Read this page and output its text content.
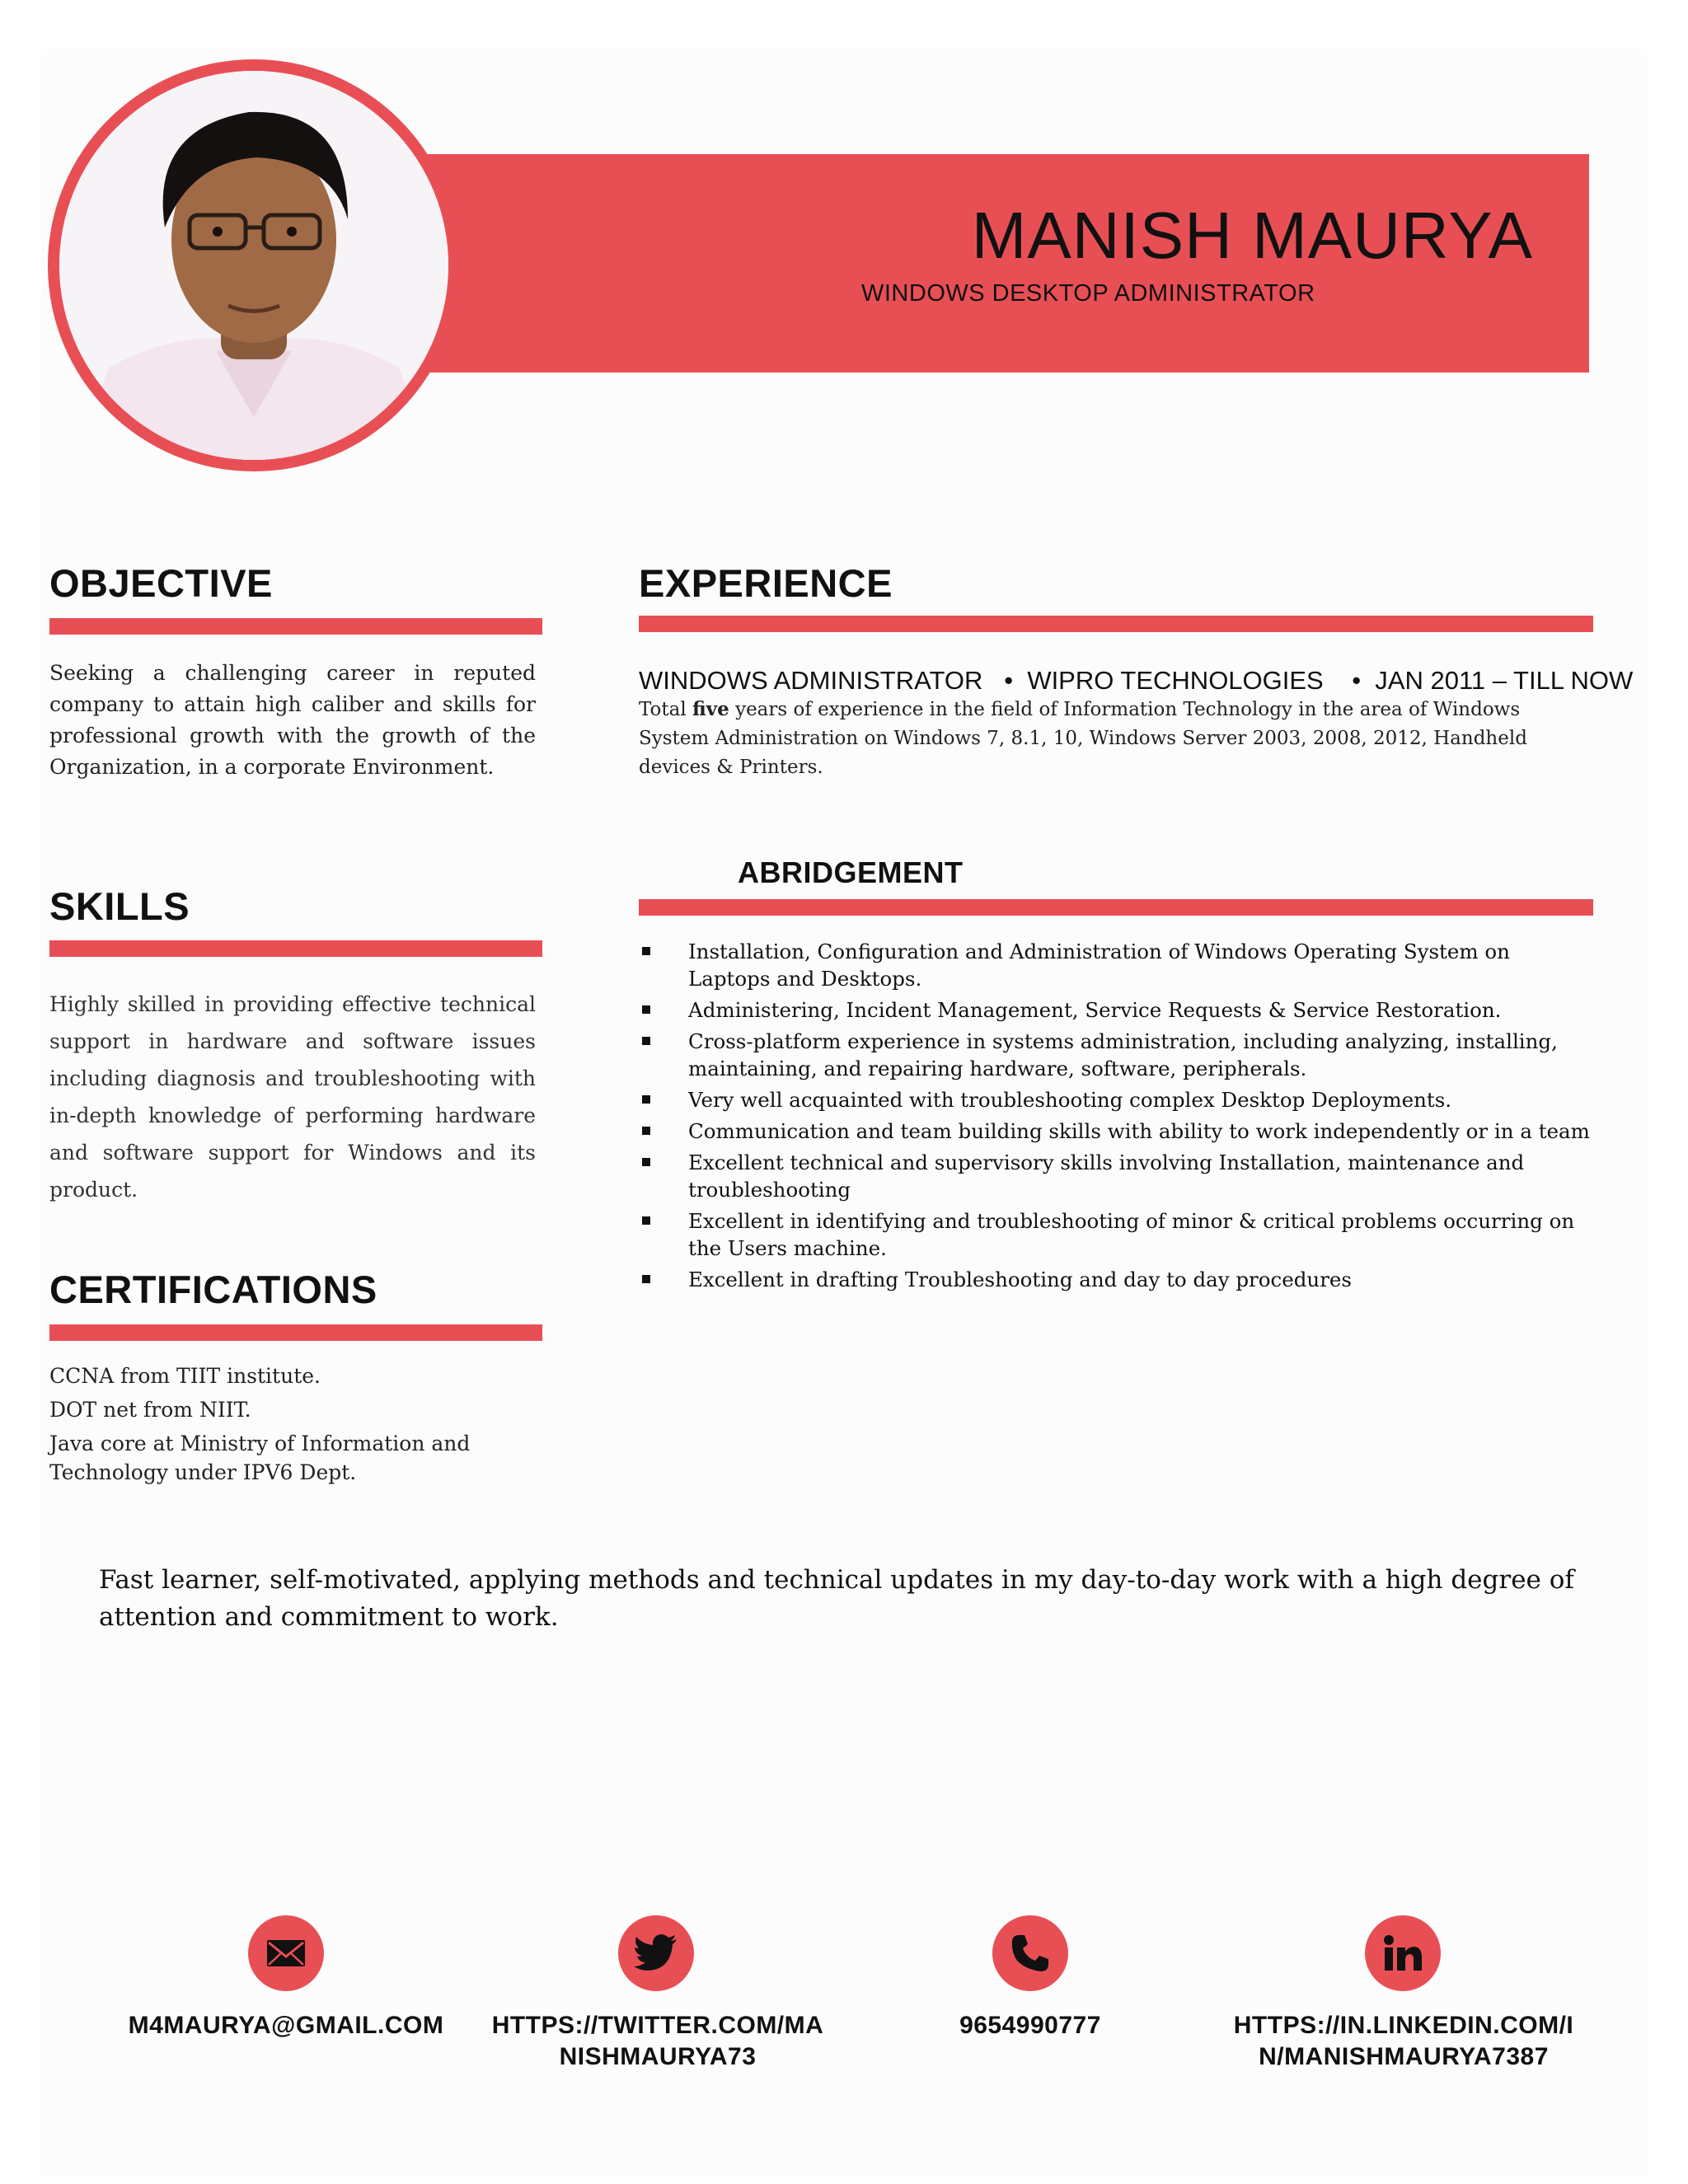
MANISH MAURYA
WINDOWS DESKTOP ADMINISTRATOR
OBJECTIVE
Seeking a challenging career in reputed company to attain high caliber and skills for professional growth with the growth of the Organization, in a corporate Environment.
SKILLS
Highly skilled in providing effective technical support in hardware and software issues including diagnosis and troubleshooting with in-depth knowledge of performing hardware and software support for Windows and its product.
CERTIFICATIONS
CCNA from TIIT institute.
DOT net from NIIT.
Java core at Ministry of Information and Technology under IPV6 Dept.
EXPERIENCE
WINDOWS ADMINISTRATOR   •  WIPRO TECHNOLOGIES    •  JAN 2011 – TILL NOW
Total five years of experience in the field of Information Technology in the area of Windows System Administration on Windows 7, 8.1, 10, Windows Server 2003, 2008, 2012, Handheld devices & Printers.
ABRIDGEMENT
Installation, Configuration and Administration of Windows Operating System on Laptops and Desktops.
Administering, Incident Management, Service Requests & Service Restoration.
Cross-platform experience in systems administration, including analyzing, installing, maintaining, and repairing hardware, software, peripherals.
Very well acquainted with troubleshooting complex Desktop Deployments.
Communication and team building skills with ability to work independently or in a team
Excellent technical and supervisory skills involving Installation, maintenance and troubleshooting
Excellent in identifying and troubleshooting of minor & critical problems occurring on the Users machine.
Excellent in drafting Troubleshooting and day to day procedures
Fast learner, self-motivated, applying methods and technical updates in my day-to-day work with a high degree of attention and commitment to work.
M4MAURYA@GMAIL.COM	HTTPS://TWITTER.COM/MA
NISHMAURYA73
9654990777	HTTPS://IN.LINKEDIN.COM/I
N/MANISHMAURYA7387
